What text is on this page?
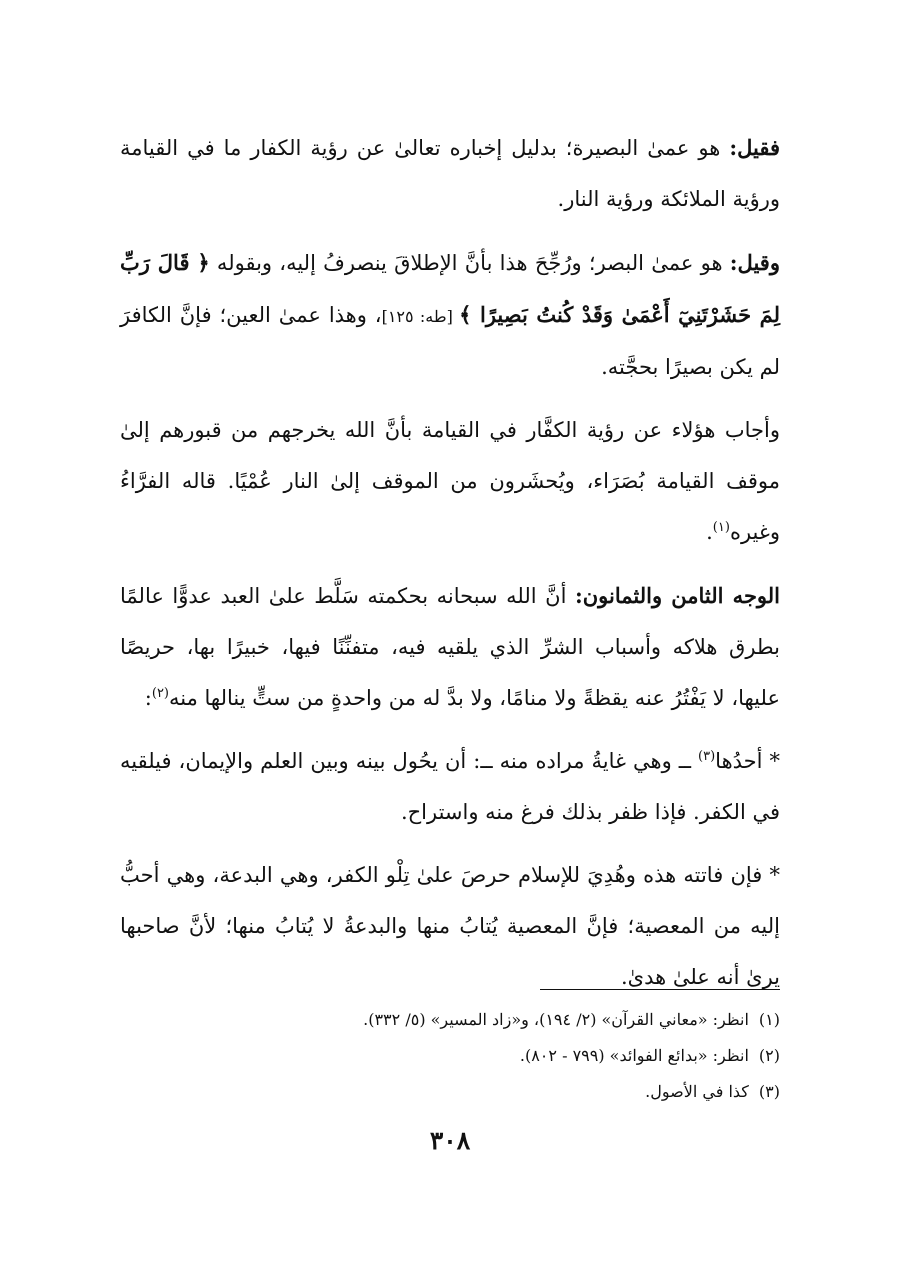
فقيل: هو عمىٰ البصيرة؛ بدليل إخباره تعالىٰ عن رؤية الكفار ما في القيامة ورؤية الملائكة ورؤية النار.

وقيل: هو عمىٰ البصر؛ ورُجِّحَ هذا بأنَّ الإطلاقَ ينصرفُ إليه، وبقوله ﴿ قَالَ رَبِّ لِمَ حَشَرْتَنِيٓ أَعْمَىٰ وَقَدْ كُنتُ بَصِيرًا ﴾ [طه: ١٢٥]، وهذا عمىٰ العين؛ فإنَّ الكافرَ لم يكن بصيرًا بحجَّته.

وأجاب هؤلاء عن رؤية الكفَّار في القيامة بأنَّ الله يخرجهم من قبورهم إلىٰ موقف القيامة بُصَرَاء، ويُحشَرون من الموقف إلىٰ النار عُمْيًا. قاله الفرَّاءُ وغيره$^{(١)}$.

الوجه الثامن والثمانون: أنَّ الله سبحانه بحكمته سَلَّط علىٰ العبد عدوًّا عالمًا بطرق هلاكه وأسباب الشرِّ الذي يلقيه فيه، متفنِّنًا فيها، خبيرًا بها، حريصًا عليها، لا يَفْتُرُ عنه يقظةً ولا منامًا، ولا بدَّ له من واحدةٍ من ستٍّ ينالها منه$^{(٢)}$:

* أحدُها$^{(٣)}$ ــ وهي غايةُ مراده منه ــ: أن يحُول بينه وبين العلم والإيمان، فيلقيه في الكفر. فإذا ظفر بذلك فرغ منه واستراح.

* فإن فاتته هذه وهُدِيَ للإسلام حرصَ علىٰ تِلْو الكفر، وهي البدعة، وهي أحبُّ إليه من المعصية؛ فإنَّ المعصية يُتابُ منها والبدعةُ لا يُتابُ منها؛ لأنَّ صاحبها يرىٰ أنه علىٰ هدىٰ.

(١)انظر: «معاني القرآن» (٢/ ١٩٤)، و«زاد المسير» (٥/ ٣٣٢).

(٢)انظر: «بدائع الفوائد» (٧٩٩ - ٨٠٢).

(٣)كذا في الأصول.

٣٠٨
